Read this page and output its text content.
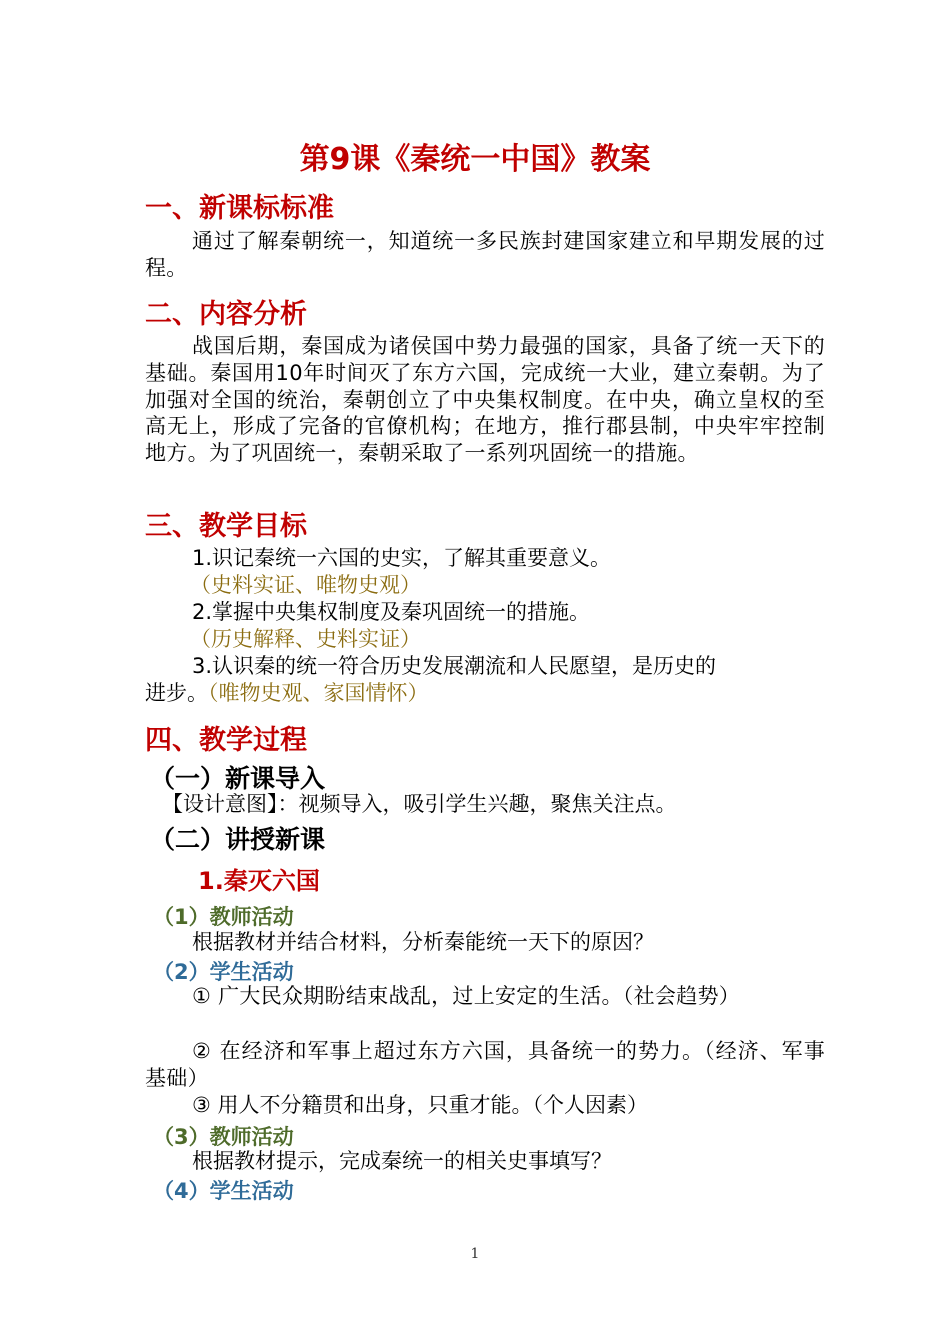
第9课《秦统一中国》教案
一、新课标标准
通过了解秦朝统一，知道统一多民族封建国家建立和早期发展的过程。
二、内容分析
战国后期，秦国成为诸侯国中势力最强的国家，具备了统一天下的基础。秦国用10年时间灭了东方六国，完成统一大业，建立秦朝。为了加强对全国的统治，秦朝创立了中央集权制度。在中央，确立皇权的至高无上，形成了完备的官僚机构；在地方，推行郡县制，中央牢牢控制地方。为了巩固统一，秦朝采取了一系列巩固统一的措施。
三、教学目标
1.识记秦统一六国的史实，了解其重要意义。
（史料实证、唯物史观）
2.掌握中央集权制度及秦巩固统一的措施。
（历史解释、史料实证）
3.认识秦的统一符合历史发展潮流和人民愿望，是历史的
进步。（唯物史观、家国情怀）
四、教学过程
（一）新课导入
【设计意图】：视频导入，吸引学生兴趣，聚焦关注点。
（二）讲授新课
1.秦灭六国
（1）教师活动
根据教材并结合材料，分析秦能统一天下的原因？
（2）学生活动
① 广大民众期盼结束战乱，过上安定的生活。（社会趋势）
② 在经济和军事上超过东方六国，具备统一的势力。（经济、军事基础）
③ 用人不分籍贯和出身，只重才能。（个人因素）
（3）教师活动
根据教材提示，完成秦统一的相关史事填写？
（4）学生活动
1
